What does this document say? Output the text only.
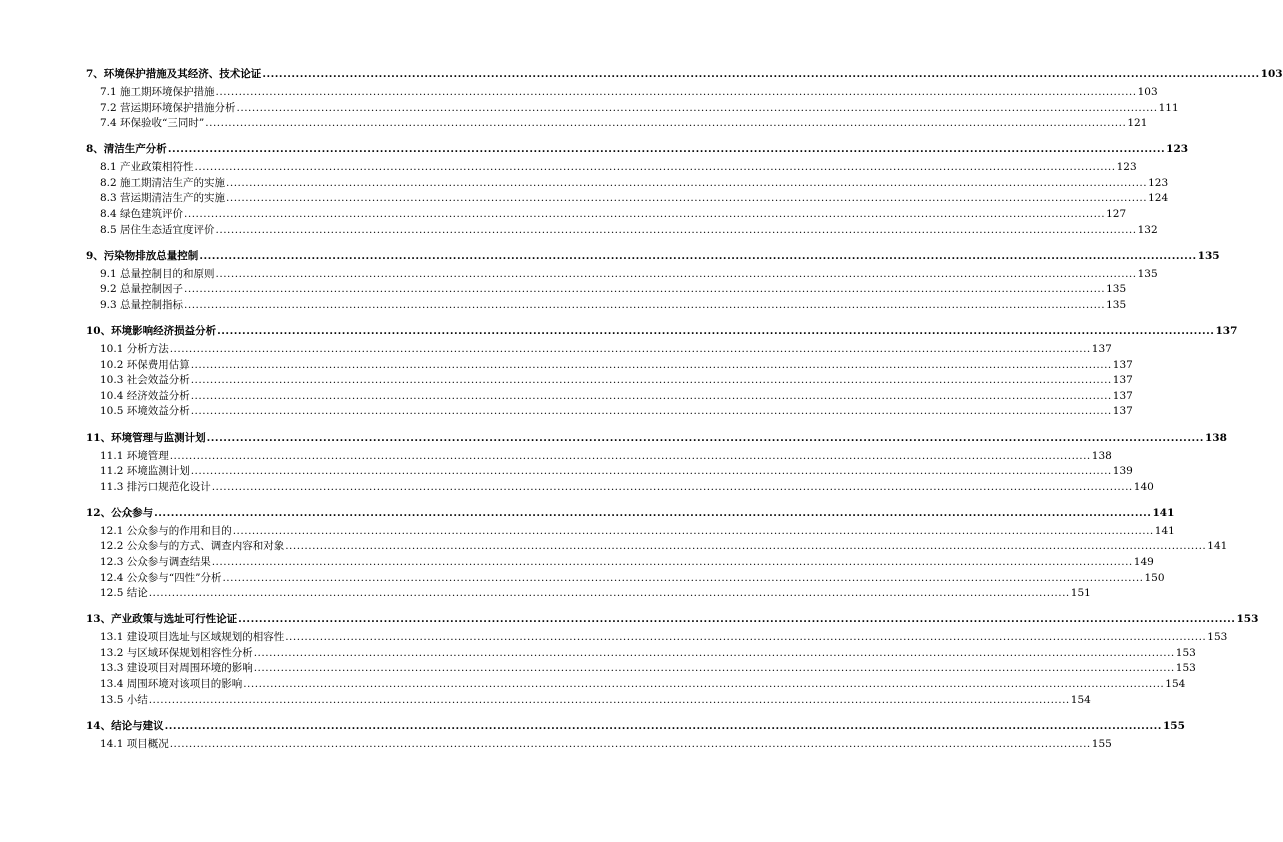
7、环境保护措施及其经济、技术论证 ................................................................................................................................................................................................................................................ 103
7.1 施工期环境保护措施 ................................................................................................................................................................................................................................................ 103
7.2 营运期环境保护措施分析 ................................................................................................................................................................................................................................................ 111
7.4 环保验收“三同时” ................................................................................................................................................................................................................................................ 121
8、清洁生产分析 ................................................................................................................................................................................................................................................ 123
8.1 产业政策相符性 ................................................................................................................................................................................................................................................ 123
8.2 施工期清洁生产的实施 ................................................................................................................................................................................................................................................ 123
8.3 营运期清洁生产的实施 ................................................................................................................................................................................................................................................ 124
8.4 绿色建筑评价 ................................................................................................................................................................................................................................................ 127
8.5 居住生态适宜度评价 ................................................................................................................................................................................................................................................ 132
9、污染物排放总量控制 ................................................................................................................................................................................................................................................ 135
9.1 总量控制目的和原则 ................................................................................................................................................................................................................................................ 135
9.2 总量控制因子 ................................................................................................................................................................................................................................................ 135
9.3 总量控制指标 ................................................................................................................................................................................................................................................ 135
10、环境影响经济损益分析 ................................................................................................................................................................................................................................................ 137
10.1 分析方法 ................................................................................................................................................................................................................................................ 137
10.2 环保费用估算 ................................................................................................................................................................................................................................................ 137
10.3 社会效益分析 ................................................................................................................................................................................................................................................ 137
10.4 经济效益分析 ................................................................................................................................................................................................................................................ 137
10.5 环境效益分析 ................................................................................................................................................................................................................................................ 137
11、环境管理与监测计划 ................................................................................................................................................................................................................................................ 138
11.1 环境管理 ................................................................................................................................................................................................................................................ 138
11.2 环境监测计划 ................................................................................................................................................................................................................................................ 139
11.3 排污口规范化设计 ................................................................................................................................................................................................................................................ 140
12、公众参与 ................................................................................................................................................................................................................................................ 141
12.1 公众参与的作用和目的 ................................................................................................................................................................................................................................................ 141
12.2 公众参与的方式、调查内容和对象 ................................................................................................................................................................................................................................................ 141
12.3 公众参与调查结果 ................................................................................................................................................................................................................................................ 149
12.4 公众参与“四性”分析 ................................................................................................................................................................................................................................................ 150
12.5 结论 ................................................................................................................................................................................................................................................ 151
13、产业政策与选址可行性论证 ................................................................................................................................................................................................................................................ 153
13.1 建设项目选址与区域规划的相容性 ................................................................................................................................................................................................................................................ 153
13.2 与区域环保规划相容性分析 ................................................................................................................................................................................................................................................ 153
13.3 建设项目对周围环境的影响 ................................................................................................................................................................................................................................................ 153
13.4 周围环境对该项目的影响 ................................................................................................................................................................................................................................................ 154
13.5 小结 ................................................................................................................................................................................................................................................ 154
14、结论与建议 ................................................................................................................................................................................................................................................ 155
14.1 项目概况 ................................................................................................................................................................................................................................................ 155
